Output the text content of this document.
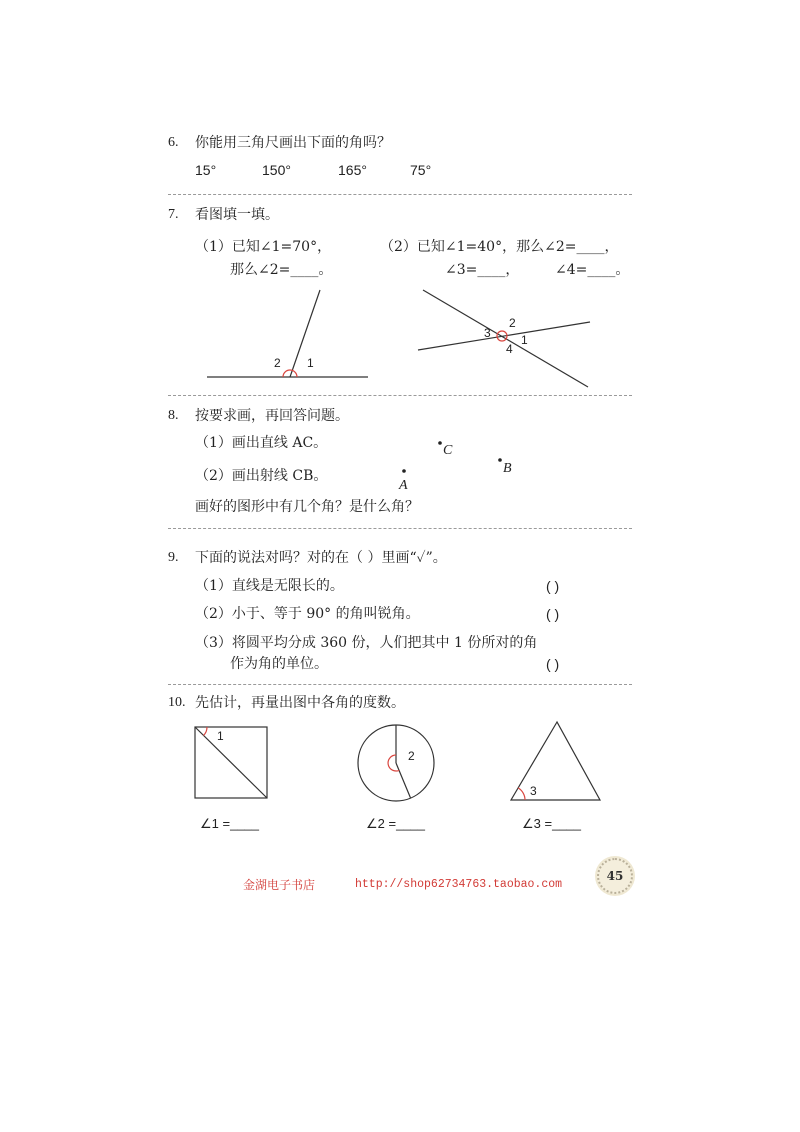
6. 你能用三角尺画出下面的角吗？
15°	150°	165°	75°
7. 看图填一填。
（1）已知∠1=70°，
那么∠2=____。
（2）已知∠1=40°，那么∠2=____，
∠3=____，	∠4=____。
2 1
3
2
1
4
8. 按要求画，再回答问题。
（1）画出直线 AC。
（2）画出射线 CB。
画好的图形中有几个角？是什么角？
C
B
A
9. 下面的说法对吗？对的在（ ）里画“✓”。
（1）直线是无限长的。	( )
（2）小于、等于 90° 的角叫锐角。	( )
（3）将圆平均分成 360 份，人们把其中 1 份所对的角
作为角的单位。	( )
10. 先估计，再量出图中各角的度数。
1
2
3
∠1 =____	∠2 =____	∠3 =____
金湖电子书店	http://shop62734763.taobao.com
45
